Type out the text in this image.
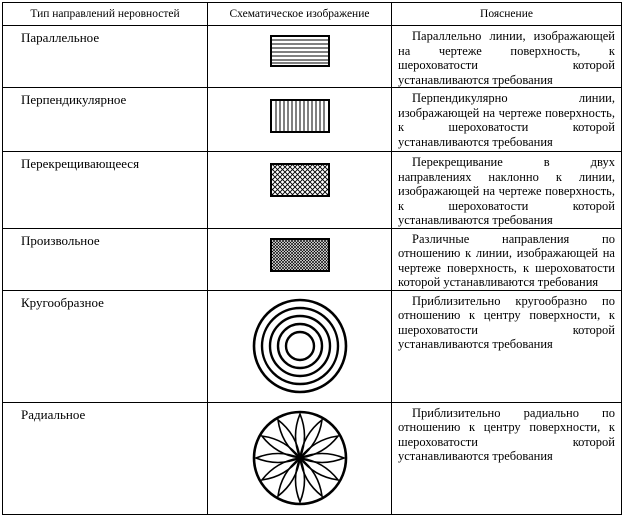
Тип направлений неровностей	Схематическое изображение	Пояснение
Параллельное		Параллельно линии, изображающей на чертеже поверхность, к шероховатости которой устанавливаются требования
Перпендикулярное		Перпендикулярно линии, изображающей на чертеже поверхность, к шероховатости которой устанавливаются требования
Перекрещивающееся		Перекрещивание в двух направлениях наклонно к линии, изображающей на чертеже поверхность, к шероховатости которой устанавливаются требования
Произвольное		Различные направления по отношению к линии, изображающей на чертеже поверхность, к шероховатости которой устанавливаются требования
Кругообразное		Приблизительно кругообразно по отношению к центру поверхности, к шероховатости которой устанавливаются требования
Радиальное		Приблизительно радиально по отношению к центру поверхности, к шероховатости которой устанавливаются требования
